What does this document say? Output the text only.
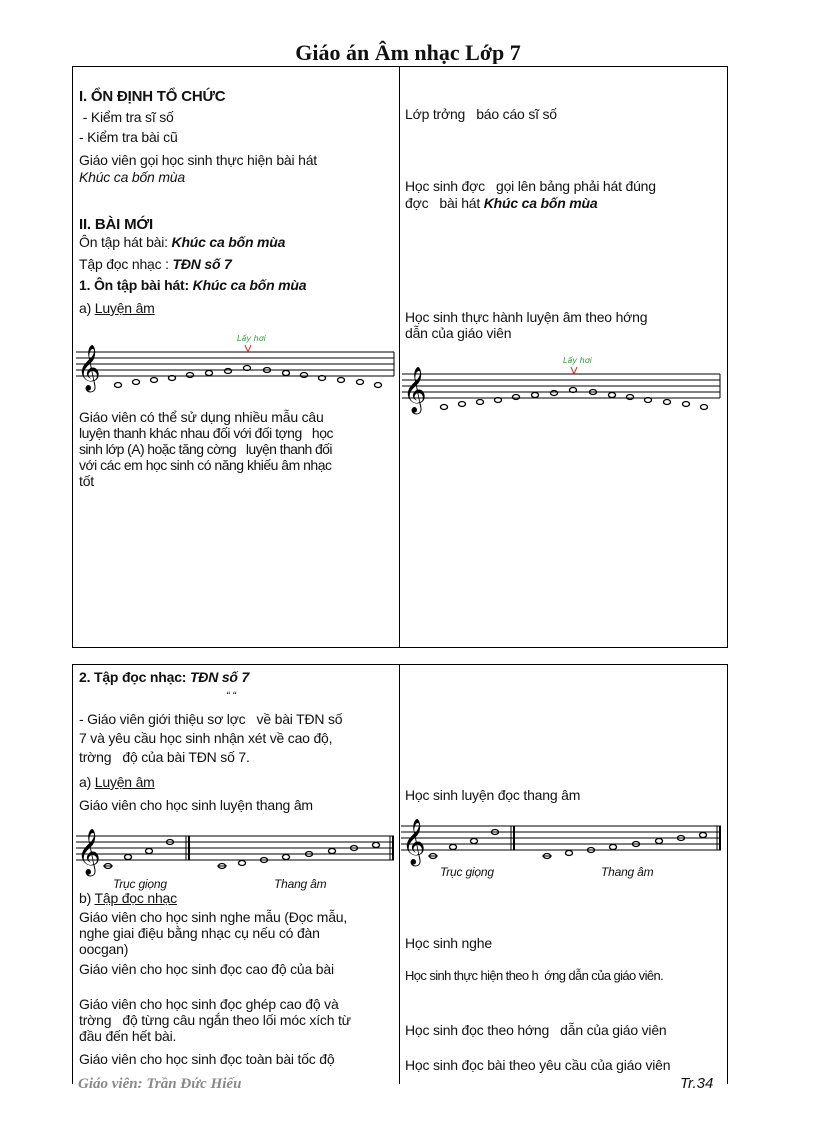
Giáo án Âm nhạc Lớp 7
I. ỔN ĐỊNH TỔ CHỨC
- Kiểm tra sĩ số
- Kiểm tra bài cũ
Giáo viên gọi học sinh thực hiện bài hát
Khúc ca bốn mùa
II. BÀI MỚI
Ôn tập hát bài: Khúc ca bốn mùa
Tập đọc nhạc : TĐN số 7
1. Ôn tập bài hát: Khúc ca bốn mùa
a) Luyện âm
𝄞
Lấy hơi
Giáo viên có thể sử dụng nhiều mẫu câu
luyện thanh khác nhau đối với đối tợng   học
sinh lớp (A) hoặc tăng cờng   luyện thanh đối
với các em học sinh có năng khiếu âm nhạc
tốt
Lớp trởng   báo cáo sĩ số
Học sinh đợc   gọi lên bảng phải hát đúng
đợc   bài hát Khúc ca bốn mùa
Học sinh thực hành luyện âm theo hớng
dẫn của giáo viên
𝄞
Lấy hơi
2. Tập đọc nhạc: TĐN số 7
“ “
- Giáo viên giới thiệu sơ lợc   về bài TĐN số
7 và yêu cầu học sinh nhận xét về cao độ,
trờng   độ của bài TĐN số 7.
a) Luyện âm
Giáo viên cho học sinh luyện thang âm
𝄞
Trục giọng	Thang âm
b) Tập đọc nhạc
Giáo viên cho học sinh nghe mẫu (Đọc mẫu,
nghe giai điệu bằng nhạc cụ nếu có đàn
oocgan)
Giáo viên cho học sinh đọc cao độ của bài
Giáo viên cho học sinh đọc ghép cao độ và
trờng   độ từng câu ngắn theo lối móc xích từ
đầu đến hết bài.
Giáo viên cho học sinh đọc toàn bài tốc độ
Học sinh luyện đọc thang âm
𝄞
Trục giọng	Thang âm
Học sinh nghe
Học sinh thực hiện theo h  ớng dẫn của giáo viên.
Học sinh đọc theo hớng   dẫn của giáo viên
Học sinh đọc bài theo yêu cầu của giáo viên
Giáo viên: Trần Đức Hiếu	Tr.34
